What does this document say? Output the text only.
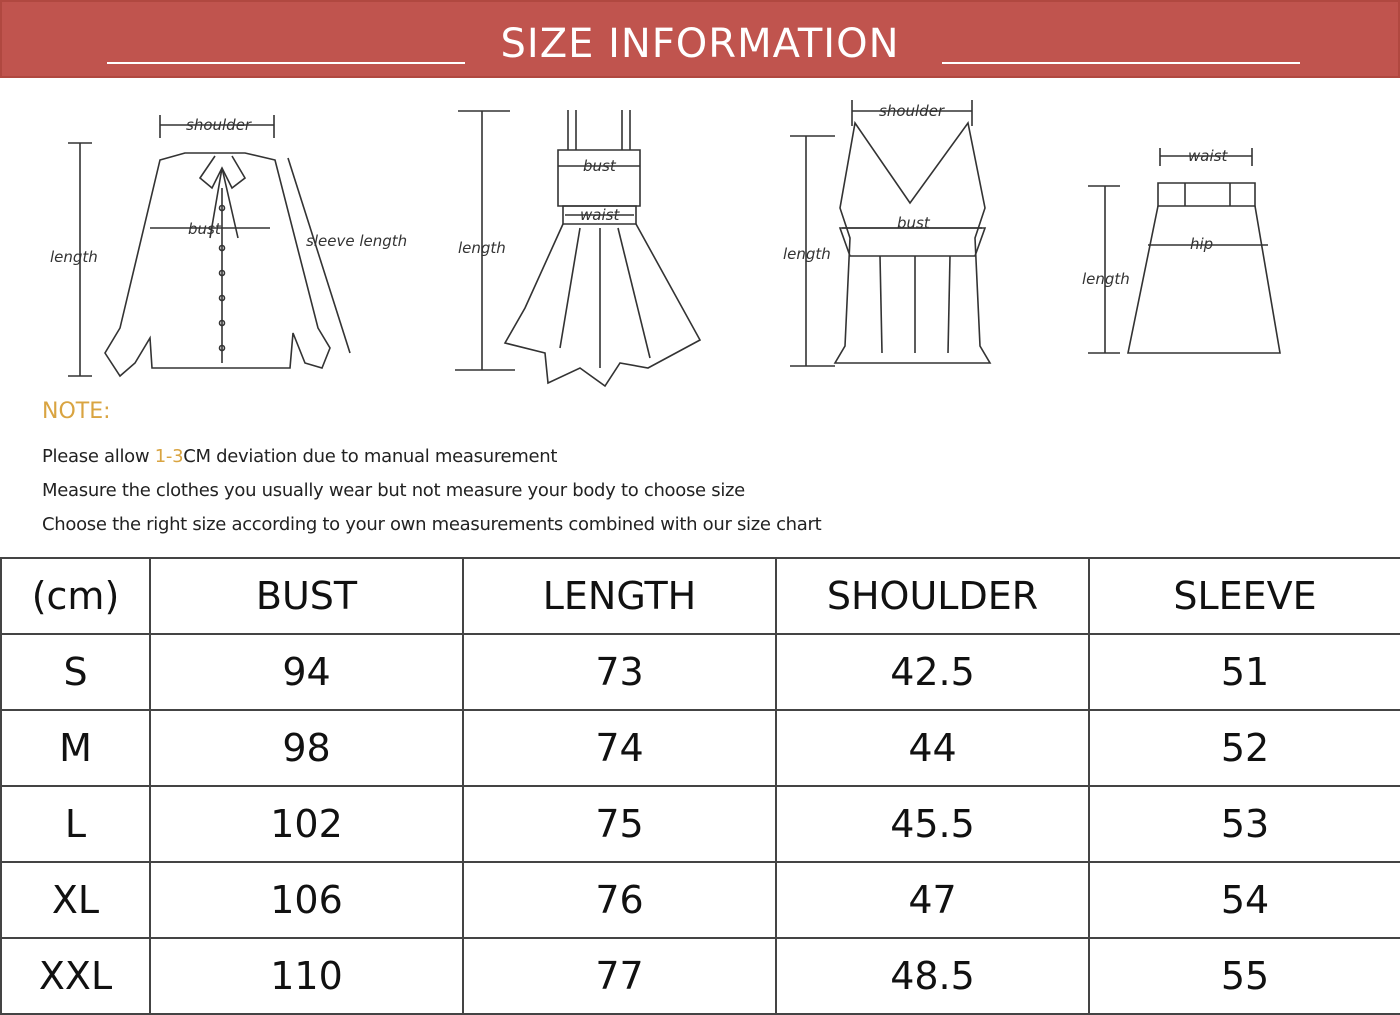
SIZE INFORMATION
shoulder
bust
length
sleeve length	length
bust
waist
shoulder
bust
length
waist
hip
length
NOTE:
Please allow 1-3CM deviation due to manual measurement
Measure the clothes you usually wear but not measure your body to choose size
Choose the right size according to your own measurements combined with our size chart
(cm)	BUST	LENGTH	SHOULDER	SLEEVE
S	94	73	42.5	51
M	98	74	44	52
L	102	75	45.5	53
XL	106	76	47	54
XXL	110	77	48.5	55
